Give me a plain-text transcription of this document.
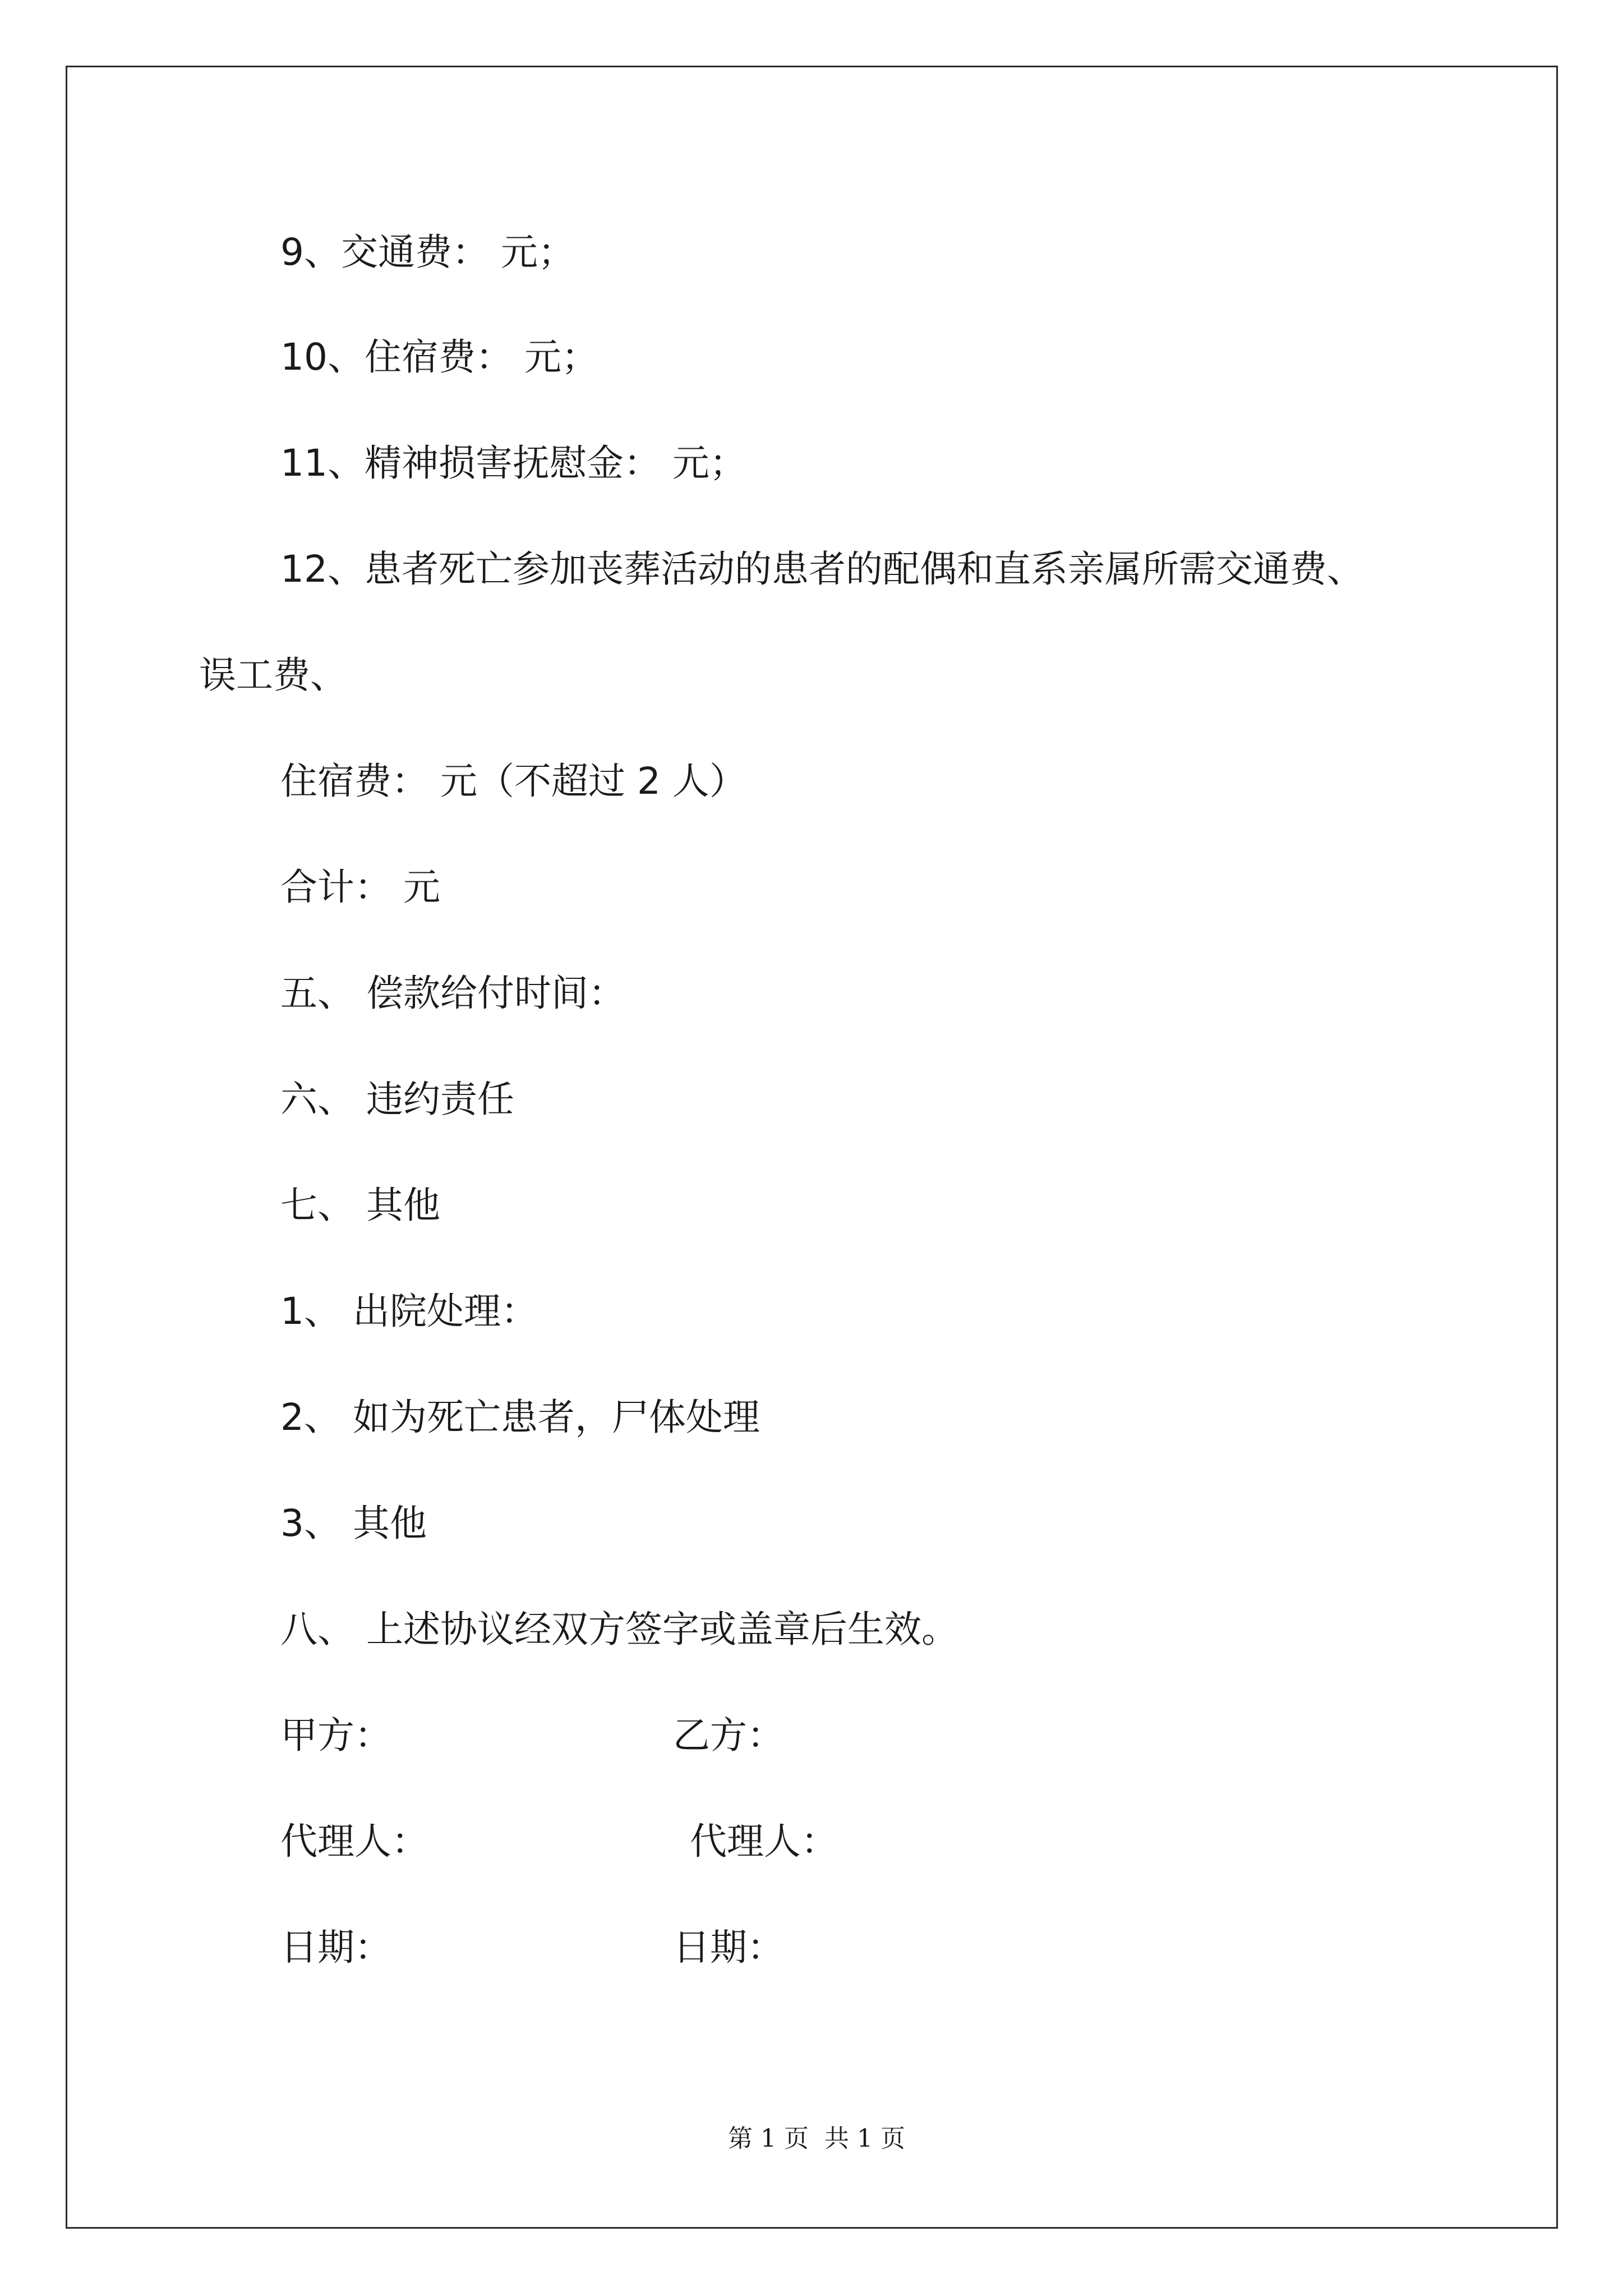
9、交通费： 元；
10、住宿费： 元；
11、精神损害抚慰金： 元；
12、患者死亡参加丧葬活动的患者的配偶和直系亲属所需交通费、
误工费、
住宿费： 元（不超过 2 人）
合计： 元
五、 偿款给付时间：
六、 违约责任
七、 其他
1、 出院处理：
2、 如为死亡患者，尸体处理
3、 其他
八、 上述协议经双方签字或盖章后生效。
甲方：	乙方：
代理人：	代理人：
日期：	日期：
第 1 页 共 1 页
